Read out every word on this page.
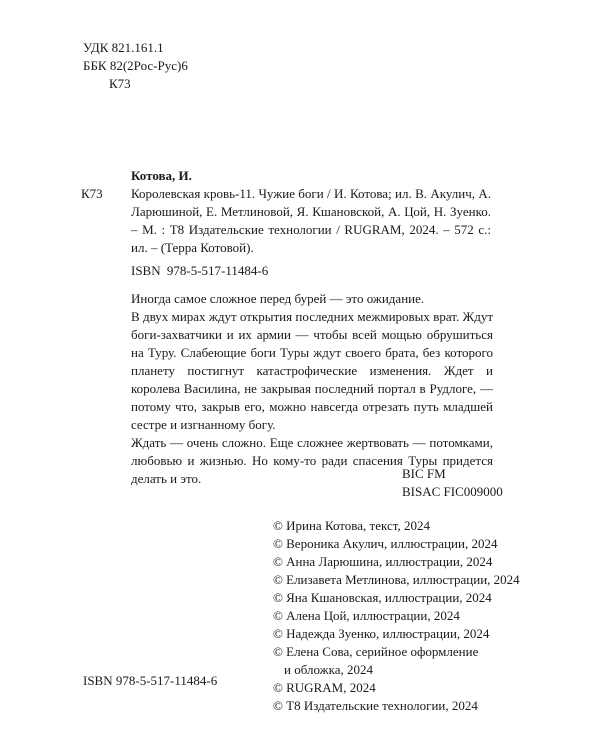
УДК 821.161.1
ББК 82(2Рос-Рус)6
К73
Котова, И.
К73 Королевская кровь-11. Чужие боги / И. Котова; ил. В. Акулич, А. Ларюшиной, Е. Метлиновой, Я. Кшановской, А. Цой, Н. Зуенко. – М. : Т8 Издательские технологии / RUGRAM, 2024. – 572 с.: ил. – (Терра Котовой).
ISBN 978-5-517-11484-6

Иногда самое сложное перед бурей — это ожидание.

В двух мирах ждут открытия последних межмировых врат. Ждут боги-захватчики и их армии — чтобы всей мощью обрушиться на Туру. Слабеющие боги Туры ждут своего брата, без которого планету постигнут катастрофические изменения. Ждет и королева Василина, не закрывая последний портал в Рудлоге, — потому что, закрыв его, можно навсегда отрезать путь младшей сестре и изгнанному богу.

Ждать — очень сложно. Еще сложнее жертвовать — потомками, любовью и жизнью. Но кому-то ради спасения Туры придется делать и это.	BIC FM
BISAC FIC009000
© Ирина Котова, текст, 2024
© Вероника Акулич, иллюстрации, 2024
© Анна Ларюшина, иллюстрации, 2024
© Елизавета Метлинова, иллюстрации, 2024
© Яна Кшановская, иллюстрации, 2024
© Алена Цой, иллюстрации, 2024
© Надежда Зуенко, иллюстрации, 2024
© Елена Сова, серийное оформление
и обложка, 2024
© RUGRAM, 2024
© Т8 Издательские технологии, 2024
ISBN 978-5-517-11484-6
